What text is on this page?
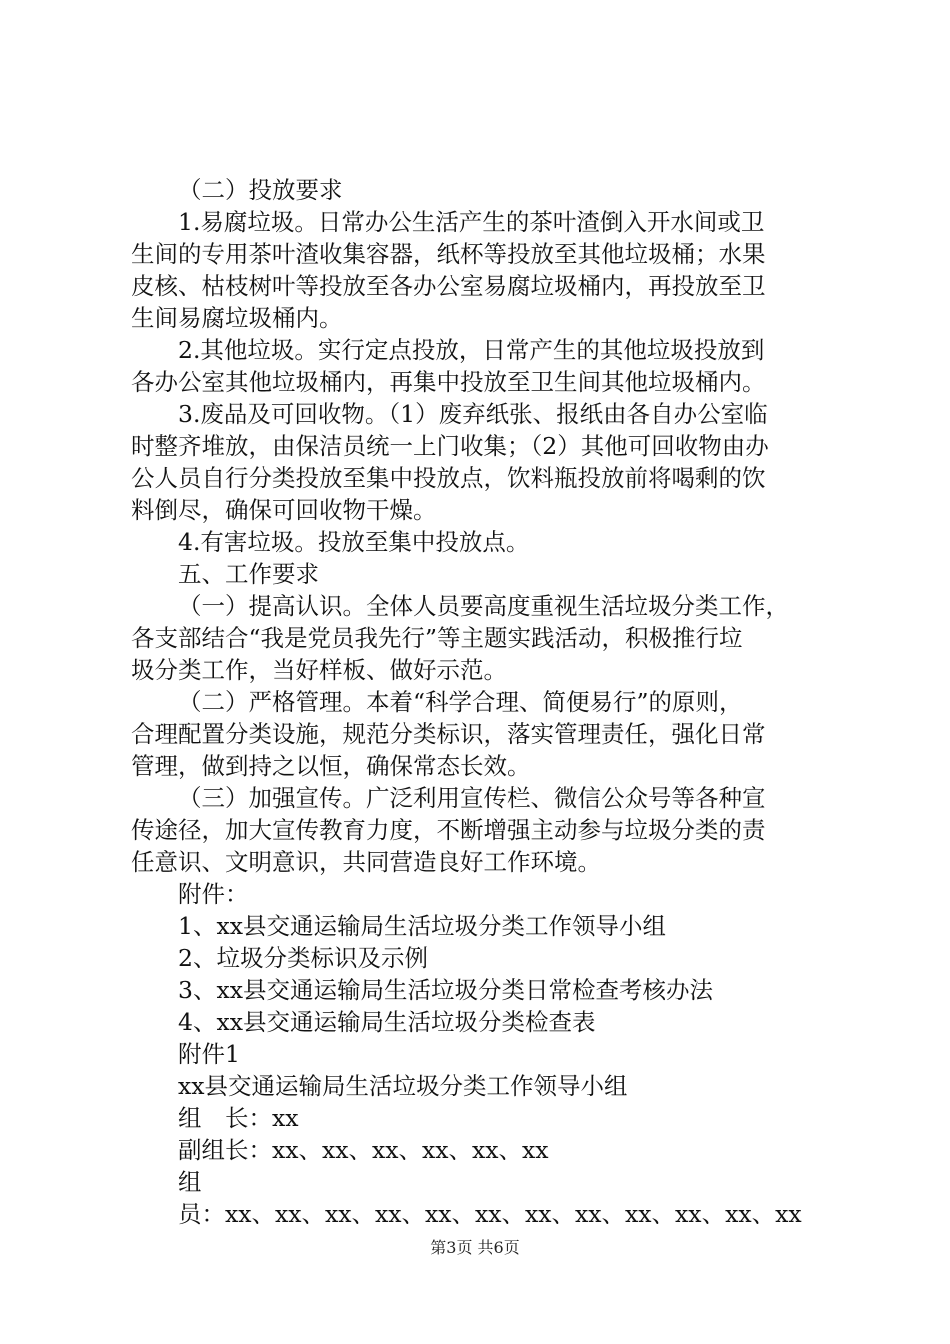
（二）投放要求
1.易腐垃圾。日常办公生活产生的茶叶渣倒入开水间或卫
生间的专用茶叶渣收集容器，纸杯等投放至其他垃圾桶；水果
皮核、枯枝树叶等投放至各办公室易腐垃圾桶内，再投放至卫
生间易腐垃圾桶内。
2.其他垃圾。实行定点投放，日常产生的其他垃圾投放到
各办公室其他垃圾桶内，再集中投放至卫生间其他垃圾桶内。
3.废品及可回收物。（1）废弃纸张、报纸由各自办公室临
时整齐堆放，由保洁员统一上门收集；（2）其他可回收物由办
公人员自行分类投放至集中投放点，饮料瓶投放前将喝剩的饮
料倒尽，确保可回收物干燥。
4.有害垃圾。投放至集中投放点。
五、工作要求
（一）提高认识。全体人员要高度重视生活垃圾分类工作，
各支部结合“我是党员我先行”等主题实践活动，积极推行垃
圾分类工作，当好样板、做好示范。
（二）严格管理。本着“科学合理、简便易行”的原则，
合理配置分类设施，规范分类标识，落实管理责任，强化日常
管理，做到持之以恒，确保常态长效。
（三）加强宣传。广泛利用宣传栏、微信公众号等各种宣
传途径，加大宣传教育力度，不断增强主动参与垃圾分类的责
任意识、文明意识，共同营造良好工作环境。
附件：
1、xx县交通运输局生活垃圾分类工作领导小组
2、垃圾分类标识及示例
3、xx县交通运输局生活垃圾分类日常检查考核办法
4、xx县交通运输局生活垃圾分类检查表
附件1
xx县交通运输局生活垃圾分类工作领导小组
组　长：xx
副组长：xx、xx、xx、xx、xx、xx
组
员：xx、xx、xx、xx、xx、xx、xx、xx、xx、xx、xx、xx
第3页 共6页
